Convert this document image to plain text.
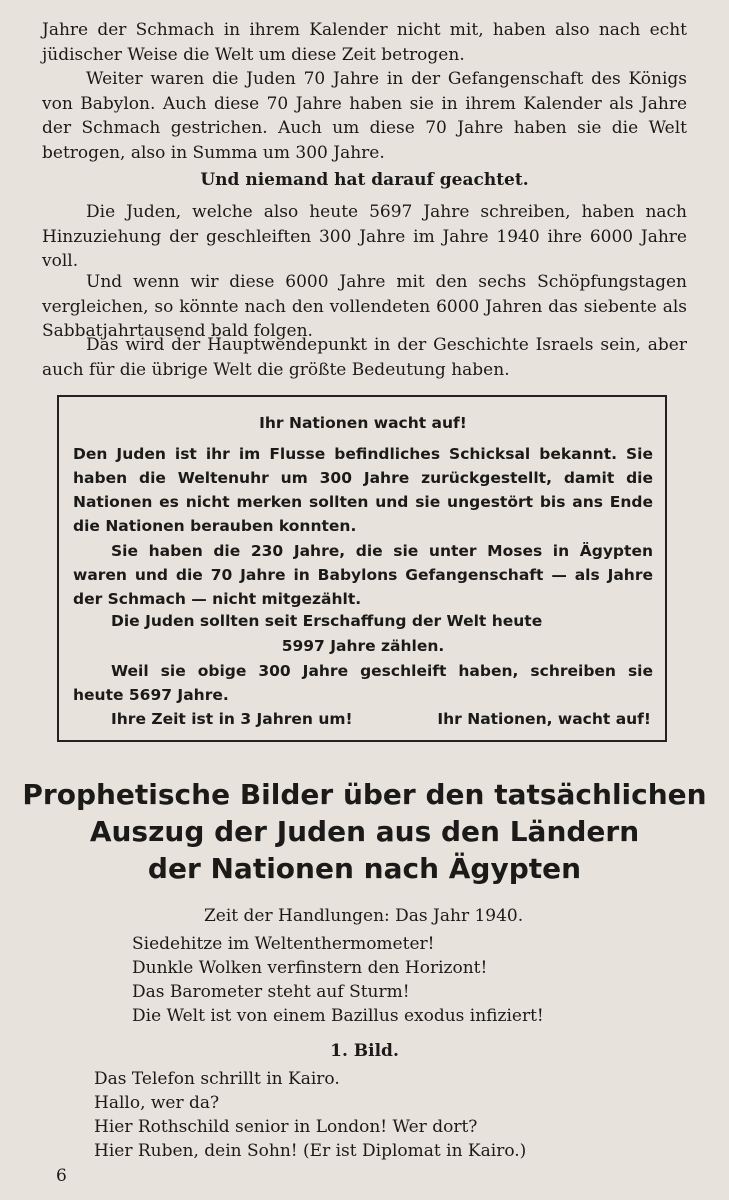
Jahre der Schmach in ihrem Kalender nicht mit, haben also nach echt jüdischer Weise die Welt um diese Zeit betrogen.

Weiter waren die Juden 70 Jahre in der Gefangenschaft des Königs von Babylon. Auch diese 70 Jahre haben sie in ihrem Kalender als Jahre der Schmach gestrichen. Auch um diese 70 Jahre haben sie die Welt betrogen, also in Summa um 300 Jahre.

Und niemand hat darauf geachtet.

Die Juden, welche also heute 5697 Jahre schreiben, haben nach Hinzuziehung der geschleiften 300 Jahre im Jahre 1940 ihre 6000 Jahre voll.

Und wenn wir diese 6000 Jahre mit den sechs Schöpfungstagen vergleichen, so könnte nach den vollendeten 6000 Jahren das siebente als Sabbatjahrtausend bald folgen.

Das wird der Hauptwendepunkt in der Geschichte Israels sein, aber auch für die übrige Welt die größte Bedeutung haben.

Ihr Nationen wacht auf!

Den Juden ist ihr im Flusse befindliches Schicksal bekannt. Sie haben die Weltenuhr um 300 Jahre zurückgestellt, damit die Nationen es nicht merken sollten und sie ungestört bis ans Ende die Nationen berauben konnten.

Sie haben die 230 Jahre, die sie unter Moses in Ägypten waren und die 70 Jahre in Babylons Gefangenschaft — als Jahre der Schmach — nicht mitgezählt.

Die Juden sollten seit Erschaffung der Welt heute

5997 Jahre zählen.

Weil sie obige 300 Jahre geschleift haben, schreiben sie heute 5697 Jahre.

Ihre Zeit ist in 3 Jahren um!	Ihr Nationen, wacht auf!

Prophetische Bilder über den tatsächlichen

Auszug der Juden aus den Ländern

der Nationen nach Ägypten

Zeit der Handlungen: Das Jahr 1940.

Siedehitze im Weltenthermometer!

Dunkle Wolken verfinstern den Horizont!

Das Barometer steht auf Sturm!

Die Welt ist von einem Bazillus exodus infiziert!

1. Bild.

Das Telefon schrillt in Kairo.

Hallo, wer da?

Hier Rothschild senior in London! Wer dort?

Hier Ruben, dein Sohn! (Er ist Diplomat in Kairo.)

6
